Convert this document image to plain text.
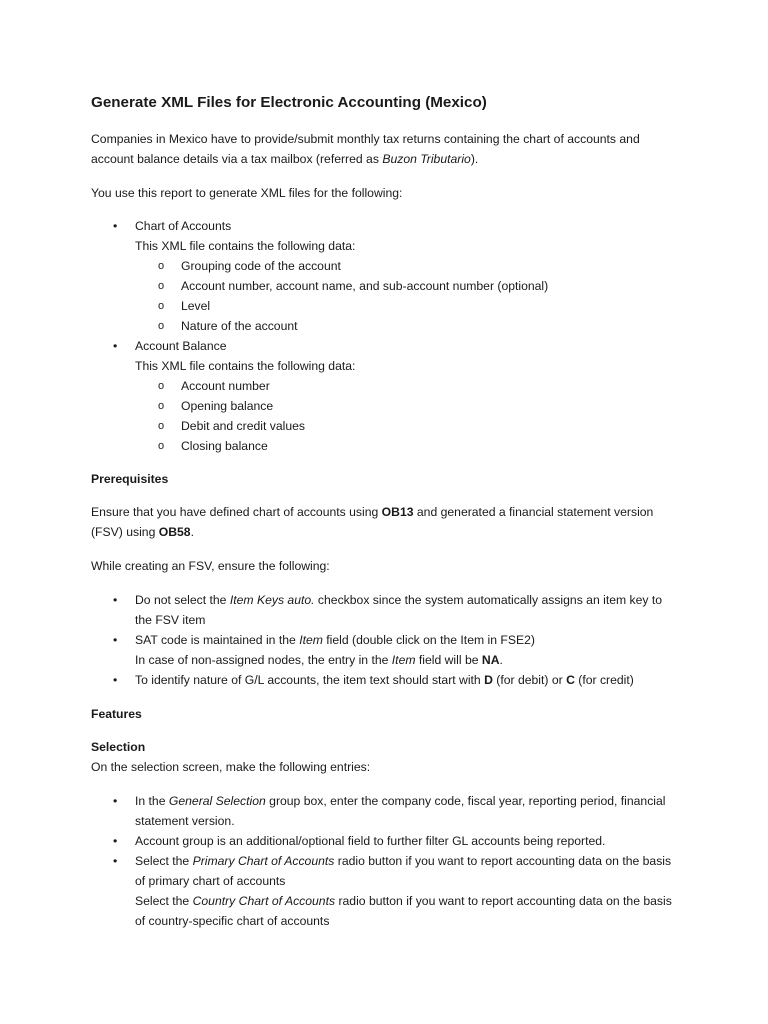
Generate XML Files for Electronic Accounting (Mexico)

Companies in Mexico have to provide/submit monthly tax returns containing the chart of accounts and account balance details via a tax mailbox (referred as Buzon Tributario).

You use this report to generate XML files for the following:

• Chart of Accounts
This XML file contains the following data:
o Grouping code of the account
o Account number, account name, and sub-account number (optional)
o Level
o Nature of the account
• Account Balance
This XML file contains the following data:
o Account number
o Opening balance
o Debit and credit values
o Closing balance

Prerequisites

Ensure that you have defined chart of accounts using OB13 and generated a financial statement version (FSV) using OB58.

While creating an FSV, ensure the following:

• Do not select the Item Keys auto. checkbox since the system automatically assigns an item key to the FSV item
• SAT code is maintained in the Item field (double click on the Item in FSE2)
In case of non-assigned nodes, the entry in the Item field will be NA.
• To identify nature of G/L accounts, the item text should start with D (for debit) or C (for credit)

Features

Selection

On the selection screen, make the following entries:

• In the General Selection group box, enter the company code, fiscal year, reporting period, financial statement version.
• Account group is an additional/optional field to further filter GL accounts being reported.
• Select the Primary Chart of Accounts radio button if you want to report accounting data on the basis of primary chart of accounts
Select the Country Chart of Accounts radio button if you want to report accounting data on the basis of country-specific chart of accounts
